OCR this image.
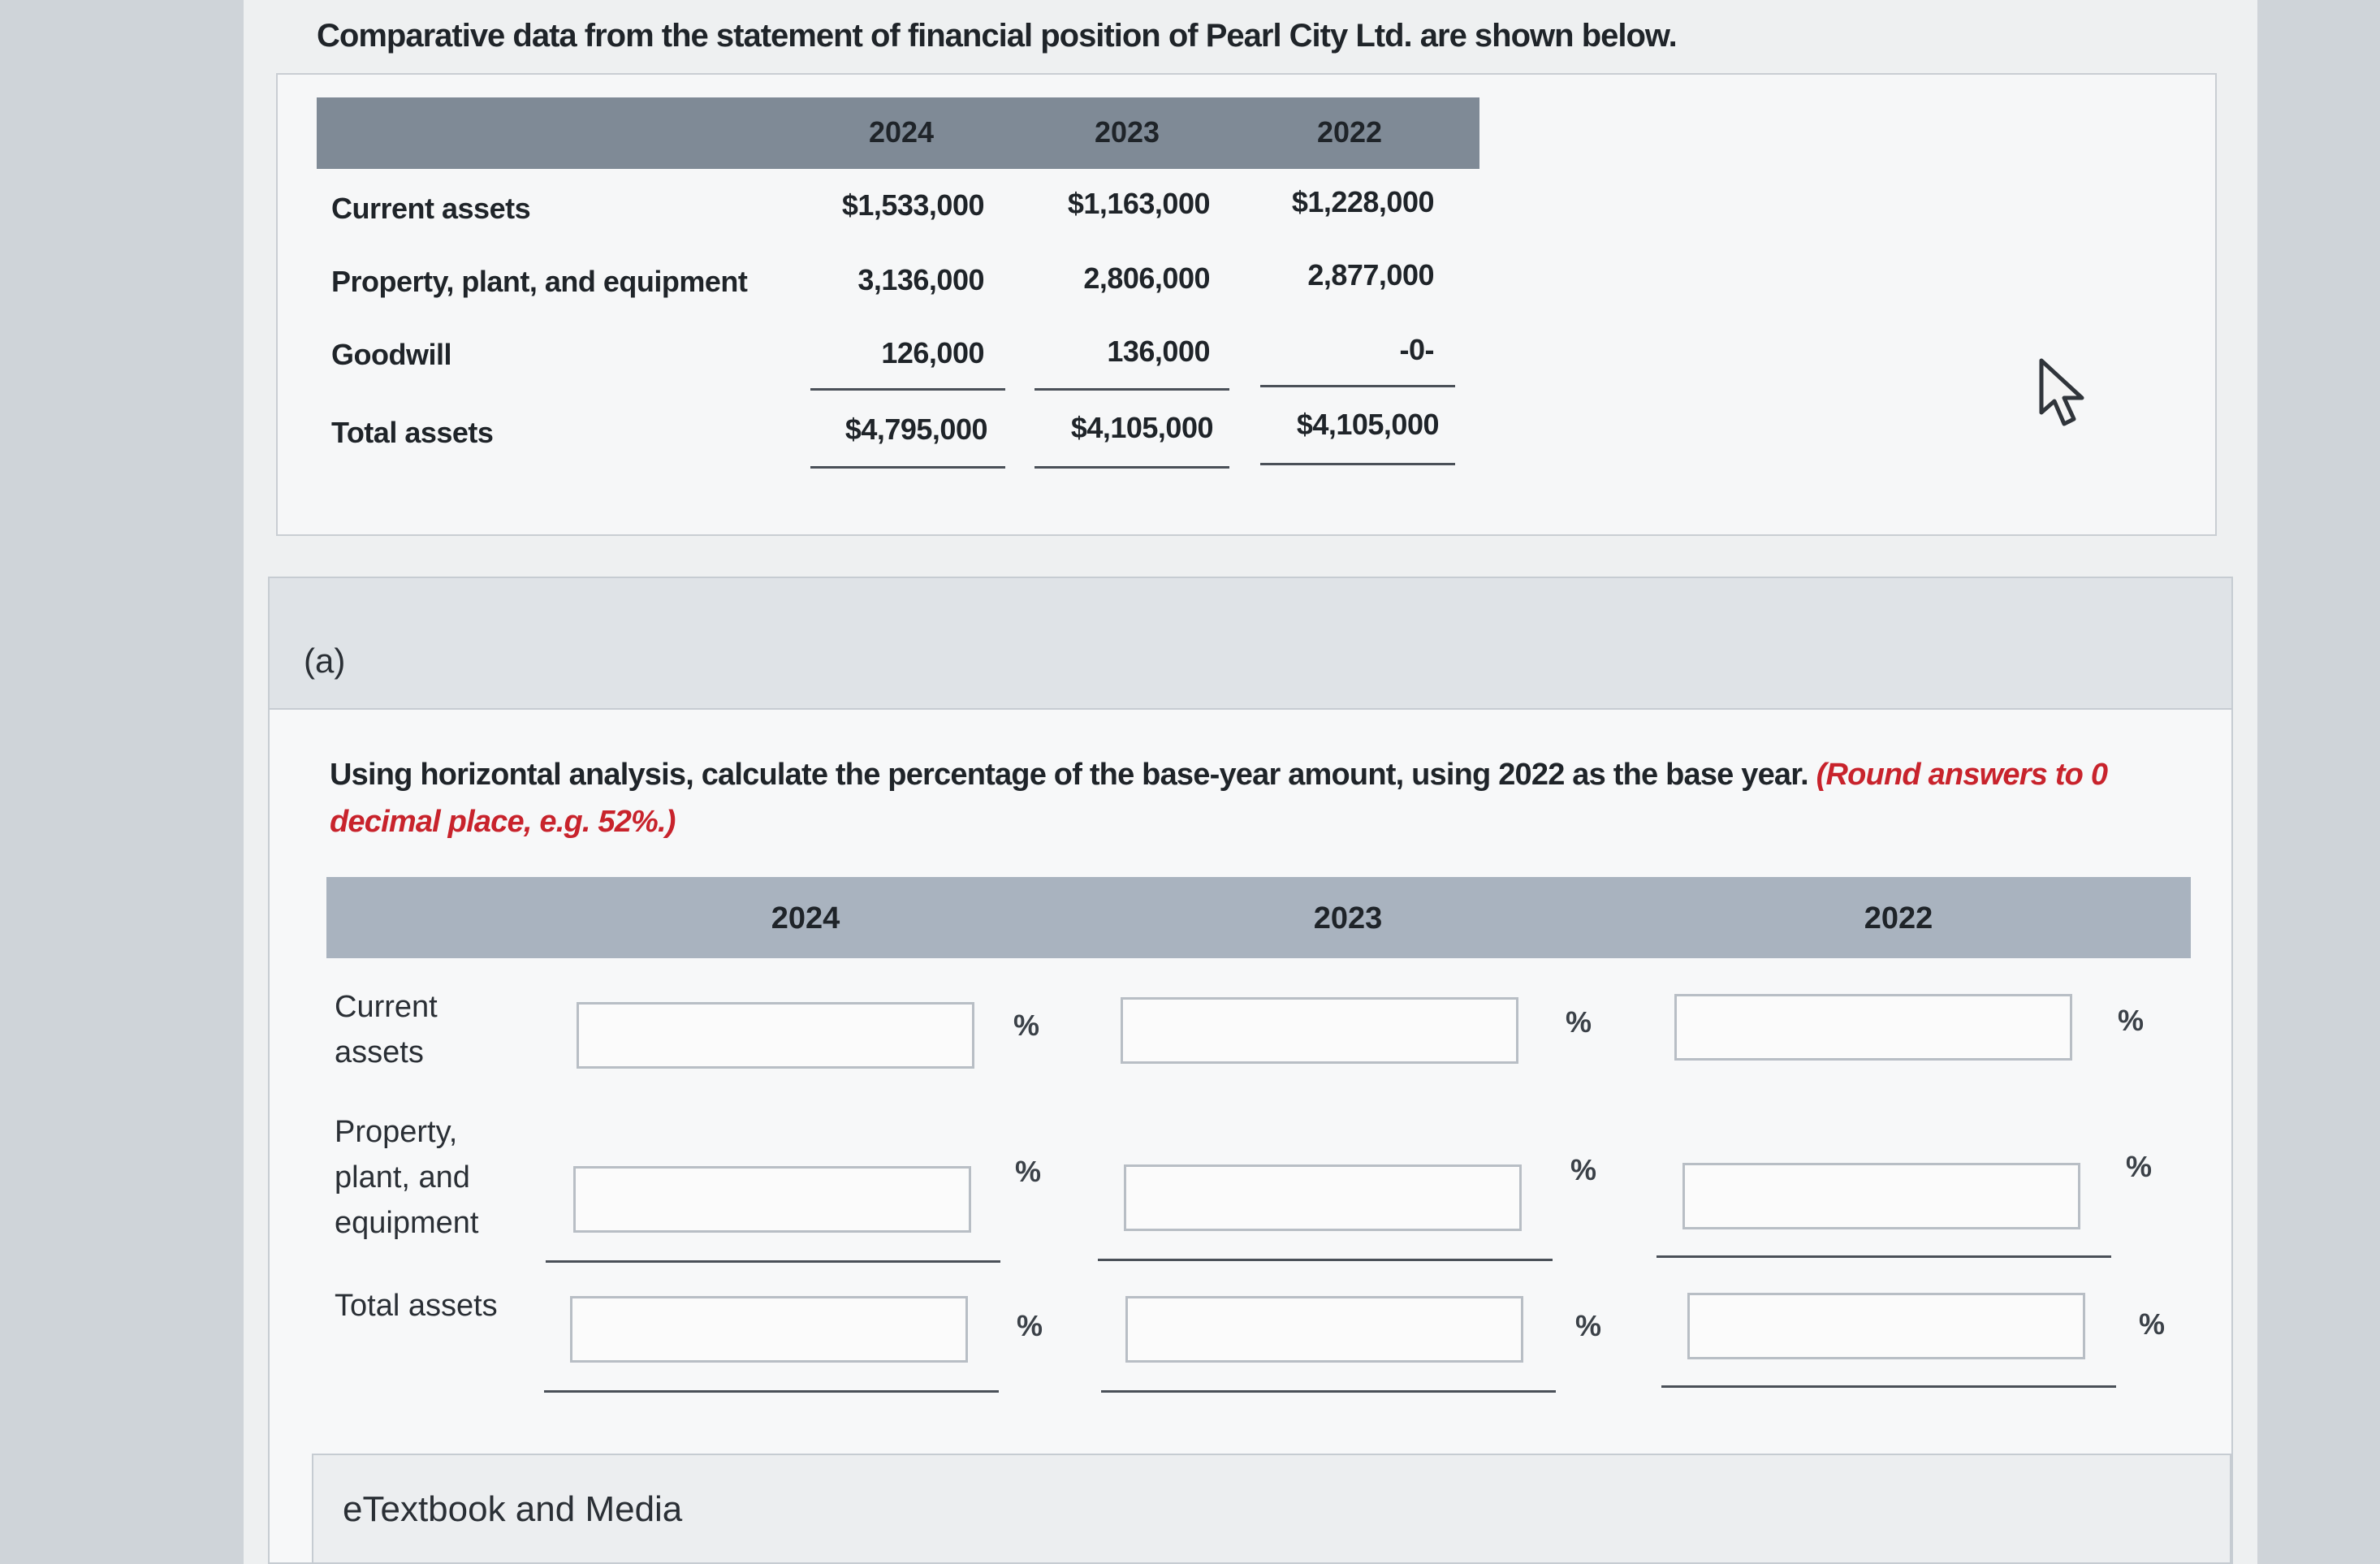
Comparative data from the statement of financial position of Pearl City Ltd. are shown below.
2024	2023	2022
Current assets	$1,533,000	$1,163,000	$1,228,000
Property, plant, and equipment	3,136,000	2,806,000	2,877,000
Goodwill	126,000	136,000	-0-
Total assets	$4,795,000	$4,105,000	$4,105,000
(a)
Using horizontal analysis, calculate the percentage of the base-year amount, using 2022 as the base year. (Round answers to 0 decimal place, e.g. 52%.)
2024	2023	2022
Current assets
%	%	%
Property, plant, and equipment
%	%	%
Total assets
%	%	%
eTextbook and Media
